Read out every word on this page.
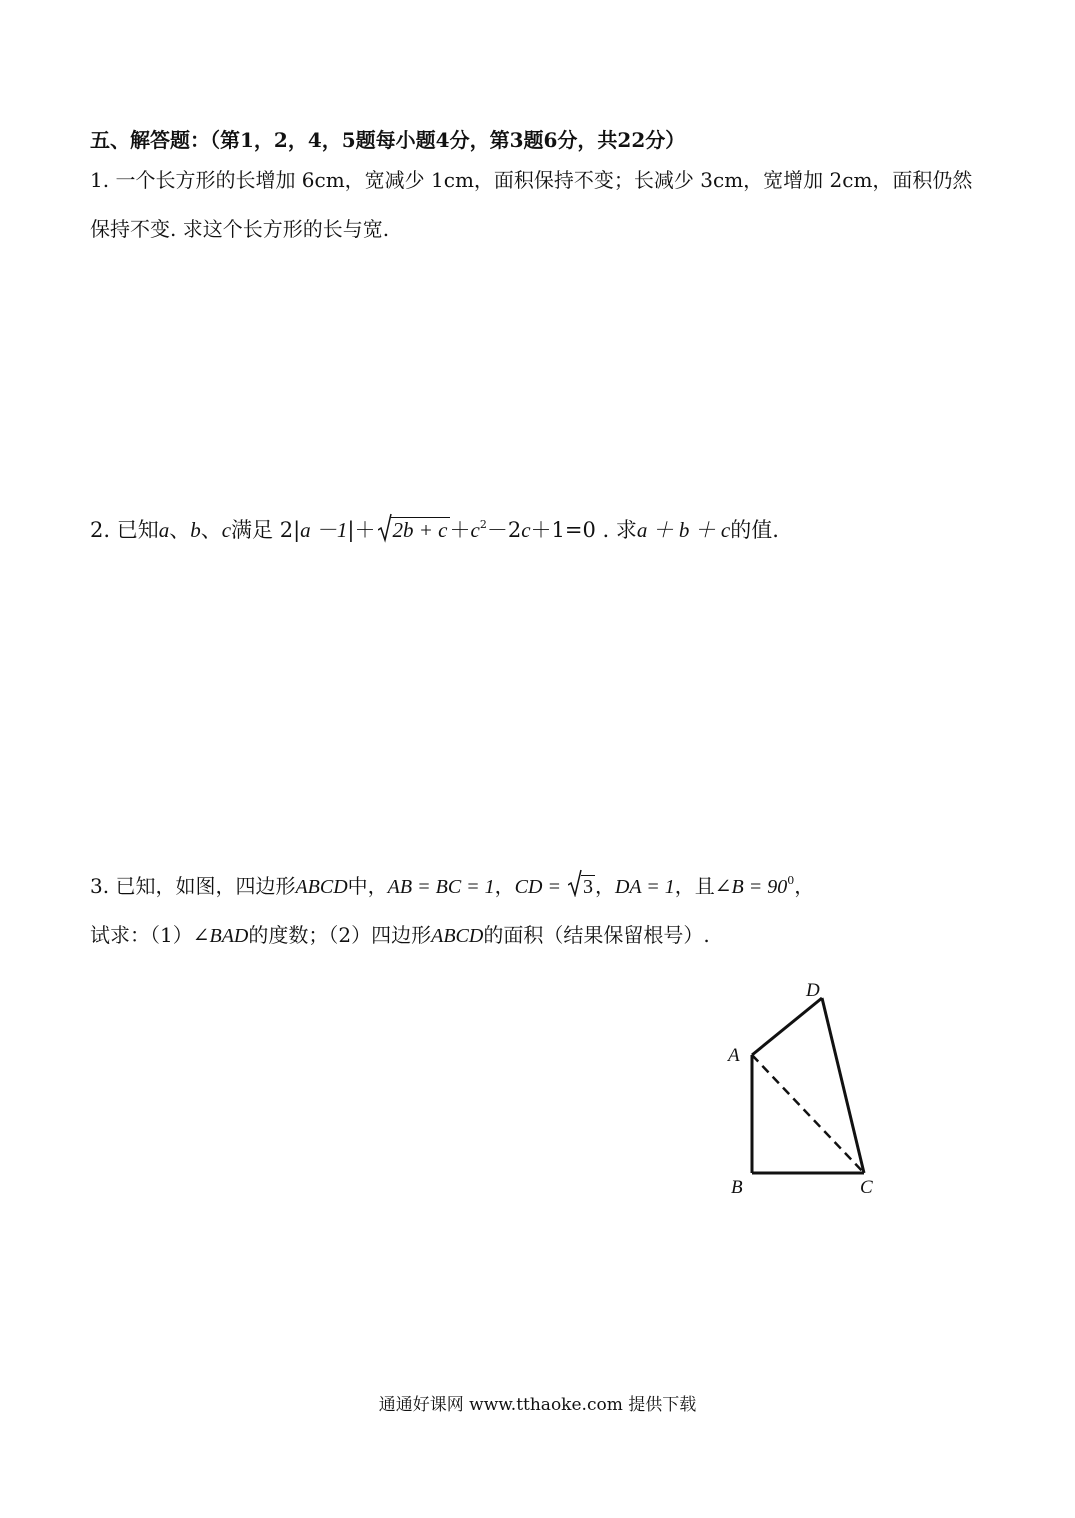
五、解答题：（第1，2，4，5题每小题4分，第3题6分，共22分）
1. 一个长方形的长增加 6cm，宽减少 1cm，面积保持不变；长减少 3cm，宽增加 2cm，面积仍然
保持不变. 求这个长方形的长与宽.
2. 已知a、b、c满足 $2|a -1|+ 2b + c+c^2-2c+1=0$ . 求a ＋ b ＋ c的值.
3. 已知，如图，四边形ABCD中，AB = BC = 1，CD =
3 ，DA = 1，且∠B = $90^0$，
试求：（1）∠BAD的度数；（2）四边形ABCD的面积（结果保留根号）.
A
B	C
D
通通好课网 www.tthaoke.com 提供下载
